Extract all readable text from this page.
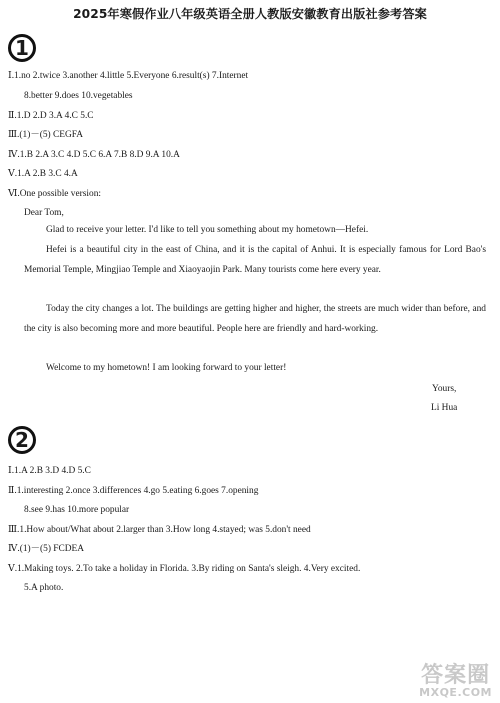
2025年寒假作业八年级英语全册人教版安徽教育出版社参考答案
1
Ⅰ.1.no 2.twice 3.another 4.little 5.Everyone 6.result(s) 7.Internet
8.better 9.does 10.vegetables
Ⅱ.1.D 2.D 3.A 4.C 5.C
Ⅲ.(1)－(5) CEGFA
Ⅳ.1.B 2.A 3.C 4.D 5.C 6.A 7.B 8.D 9.A 10.A
Ⅴ.1.A 2.B 3.C 4.A
Ⅵ.One possible version:
Dear Tom,
Glad to receive your letter. I'd like to tell you something about my hometown—Hefei.
Hefei is a beautiful city in the east of China, and it is the capital of Anhui. It is especially famous for Lord Bao's Memorial Temple, Mingjiao Temple and Xiaoyaojin Park. Many tourists come here every year.
Today the city changes a lot. The buildings are getting higher and higher, the streets are much wider than before, and the city is also becoming more and more beautiful. People here are friendly and hard-working.
Welcome to my hometown! I am looking forward to your letter!
Yours,
Li Hua
2
Ⅰ.1.A 2.B 3.D 4.D 5.C
Ⅱ.1.interesting 2.once 3.differences 4.go 5.eating 6.goes 7.opening
8.see 9.has 10.more popular
Ⅲ.1.How about/What about 2.larger than 3.How long 4.stayed; was 5.don't need
Ⅳ.(1)－(5) FCDEA
Ⅴ.1.Making toys. 2.To take a holiday in Florida. 3.By riding on Santa's sleigh. 4.Very excited.
5.A photo.
答案圈
MXQE.COM
